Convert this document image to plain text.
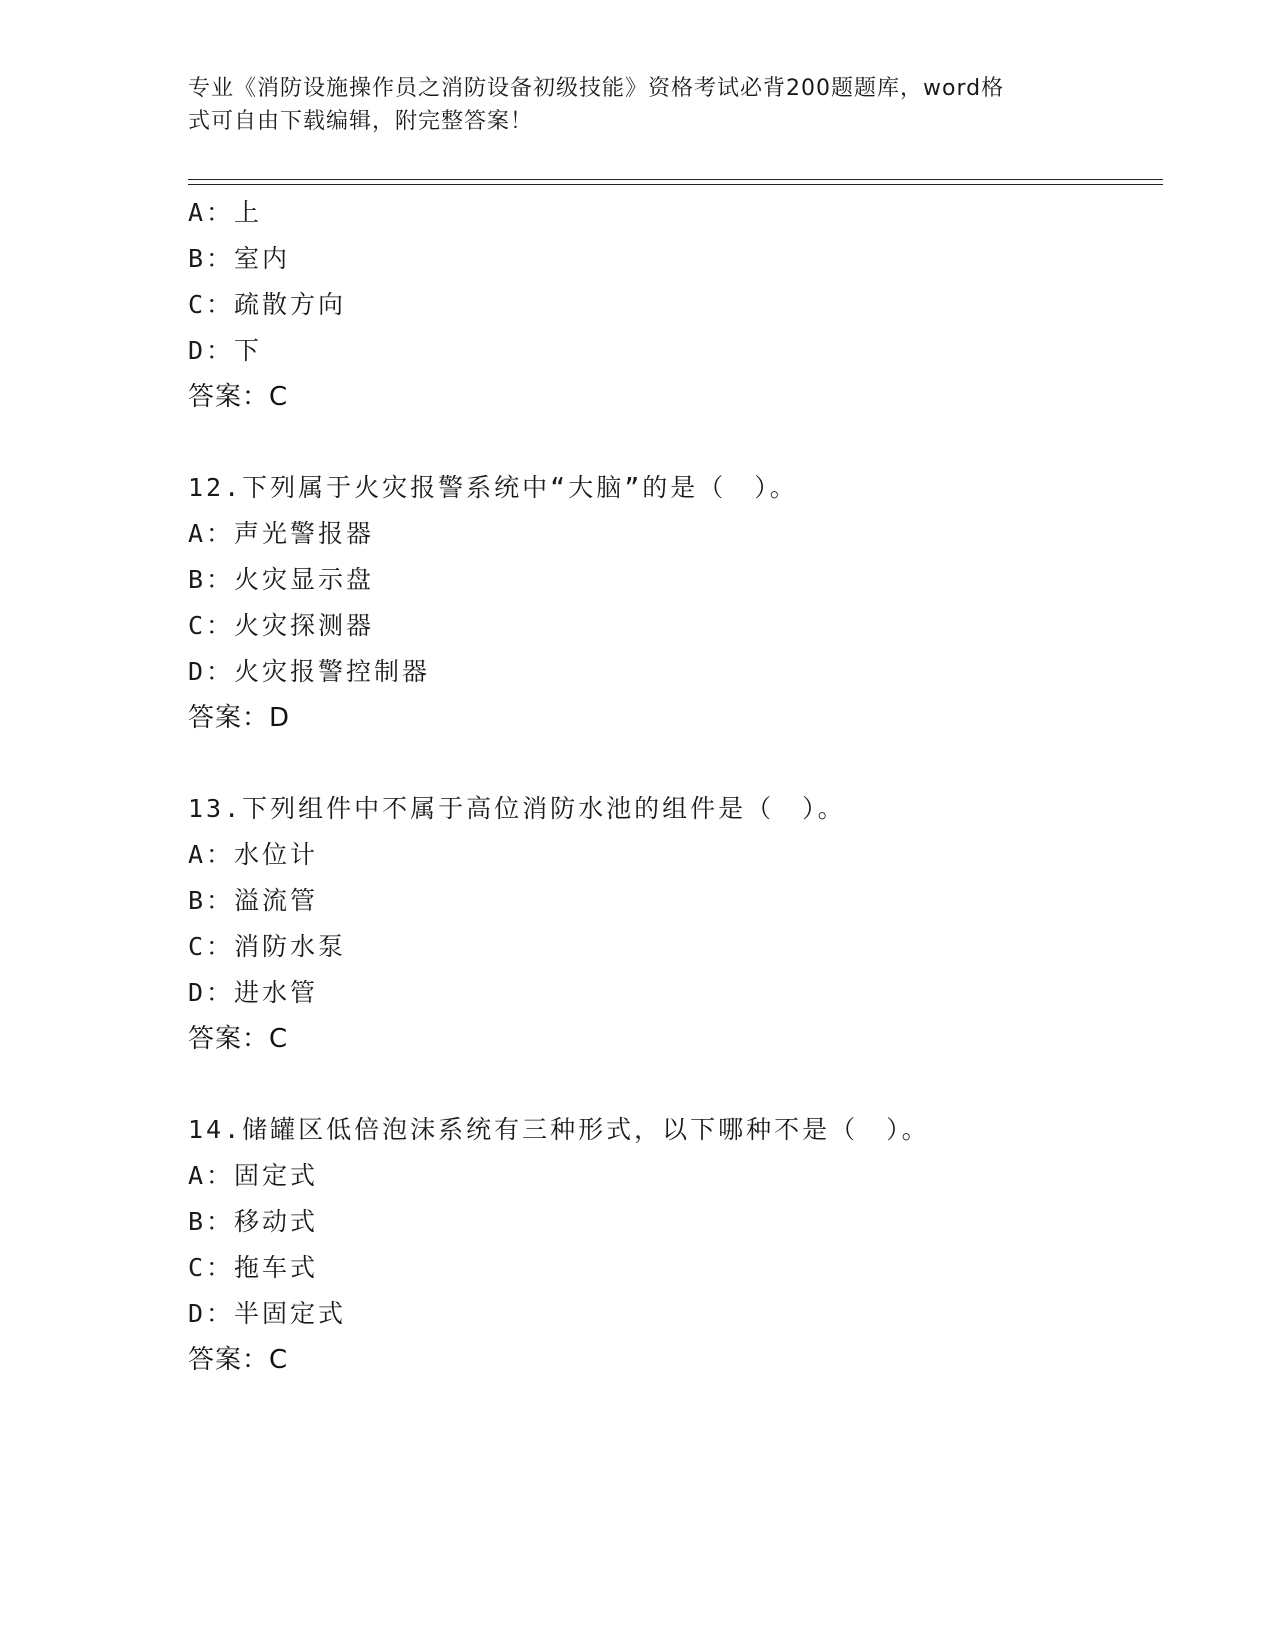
专业《消防设施操作员之消防设备初级技能》资格考试必背200题题库，word格
式可自由下载编辑，附完整答案！
A：上
B：室内
C：疏散方向
D：下
答案：C
12.下列属于火灾报警系统中“大脑”的是（　）。
A：声光警报器
B：火灾显示盘
C：火灾探测器
D：火灾报警控制器
答案：D
13.下列组件中不属于高位消防水池的组件是（　）。
A：水位计
B：溢流管
C：消防水泵
D：进水管
答案：C
14.储罐区低倍泡沫系统有三种形式，以下哪种不是（　）。
A：固定式
B：移动式
C：拖车式
D：半固定式
答案：C
